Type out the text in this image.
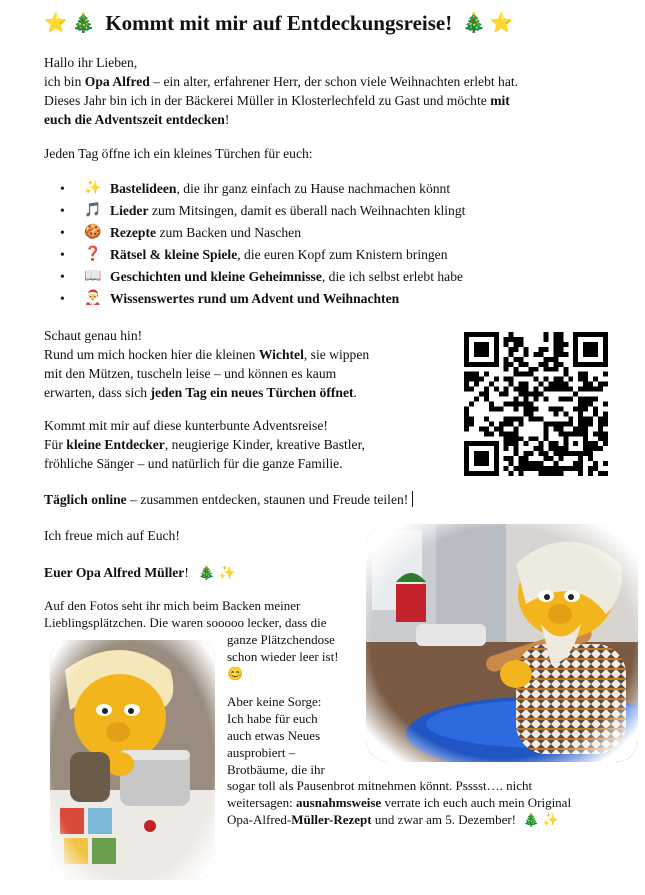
⭐ 🎄 Kommt mit mir auf Entdeckungsreise! 🎄 ⭐
Hallo ihr Lieben,
ich bin Opa Alfred – ein alter, erfahrener Herr, der schon viele Weihnachten erlebt hat.
Dieses Jahr bin ich in der Bäckerei Müller in Klosterlechfeld zu Gast und möchte mit
euch die Adventszeit entdecken!
Jeden Tag öffne ich ein kleines Türchen für euch:
• ✨ Bastelideen, die ihr ganz einfach zu Hause nachmachen könnt
• 🎵 Lieder zum Mitsingen, damit es überall nach Weihnachten klingt
• 🍪 Rezepte zum Backen und Naschen
• ❓ Rätsel & kleine Spiele, die euren Kopf zum Knistern bringen
• 📖 Geschichten und kleine Geheimnisse, die ich selbst erlebt habe
• 🎅 Wissenswertes rund um Advent und Weihnachten
Schaut genau hin!
Rund um mich hocken hier die kleinen Wichtel, sie wippen
mit den Mützen, tuscheln leise – und können es kaum
erwarten, dass sich jeden Tag ein neues Türchen öffnet.
Kommt mit mir auf diese kunterbunte Adventsreise!
Für kleine Entdecker, neugierige Kinder, kreative Bastler,
fröhliche Sänger – und natürlich für die ganze Familie.
Täglich online – zusammen entdecken, staunen und Freude teilen!
Ich freue mich auf Euch!
Euer Opa Alfred Müller! 🎄 ✨
Auf den Fotos seht ihr mich beim Backen meiner
Lieblingsplätzchen. Die waren sooooo lecker, dass die
ganze Plätzchendose
schon wieder leer ist!
😊
Aber keine Sorge:
Ich habe für euch
auch etwas Neues
ausprobiert –
Brotbäume, die ihr
sogar toll als Pausenbrot mitnehmen könnt. Psssst…. nicht
weitersagen: ausnahmsweise verrate ich euch auch mein Original
Opa-Alfred-Müller-Rezept und zwar am 5. Dezember! 🎄 ✨
